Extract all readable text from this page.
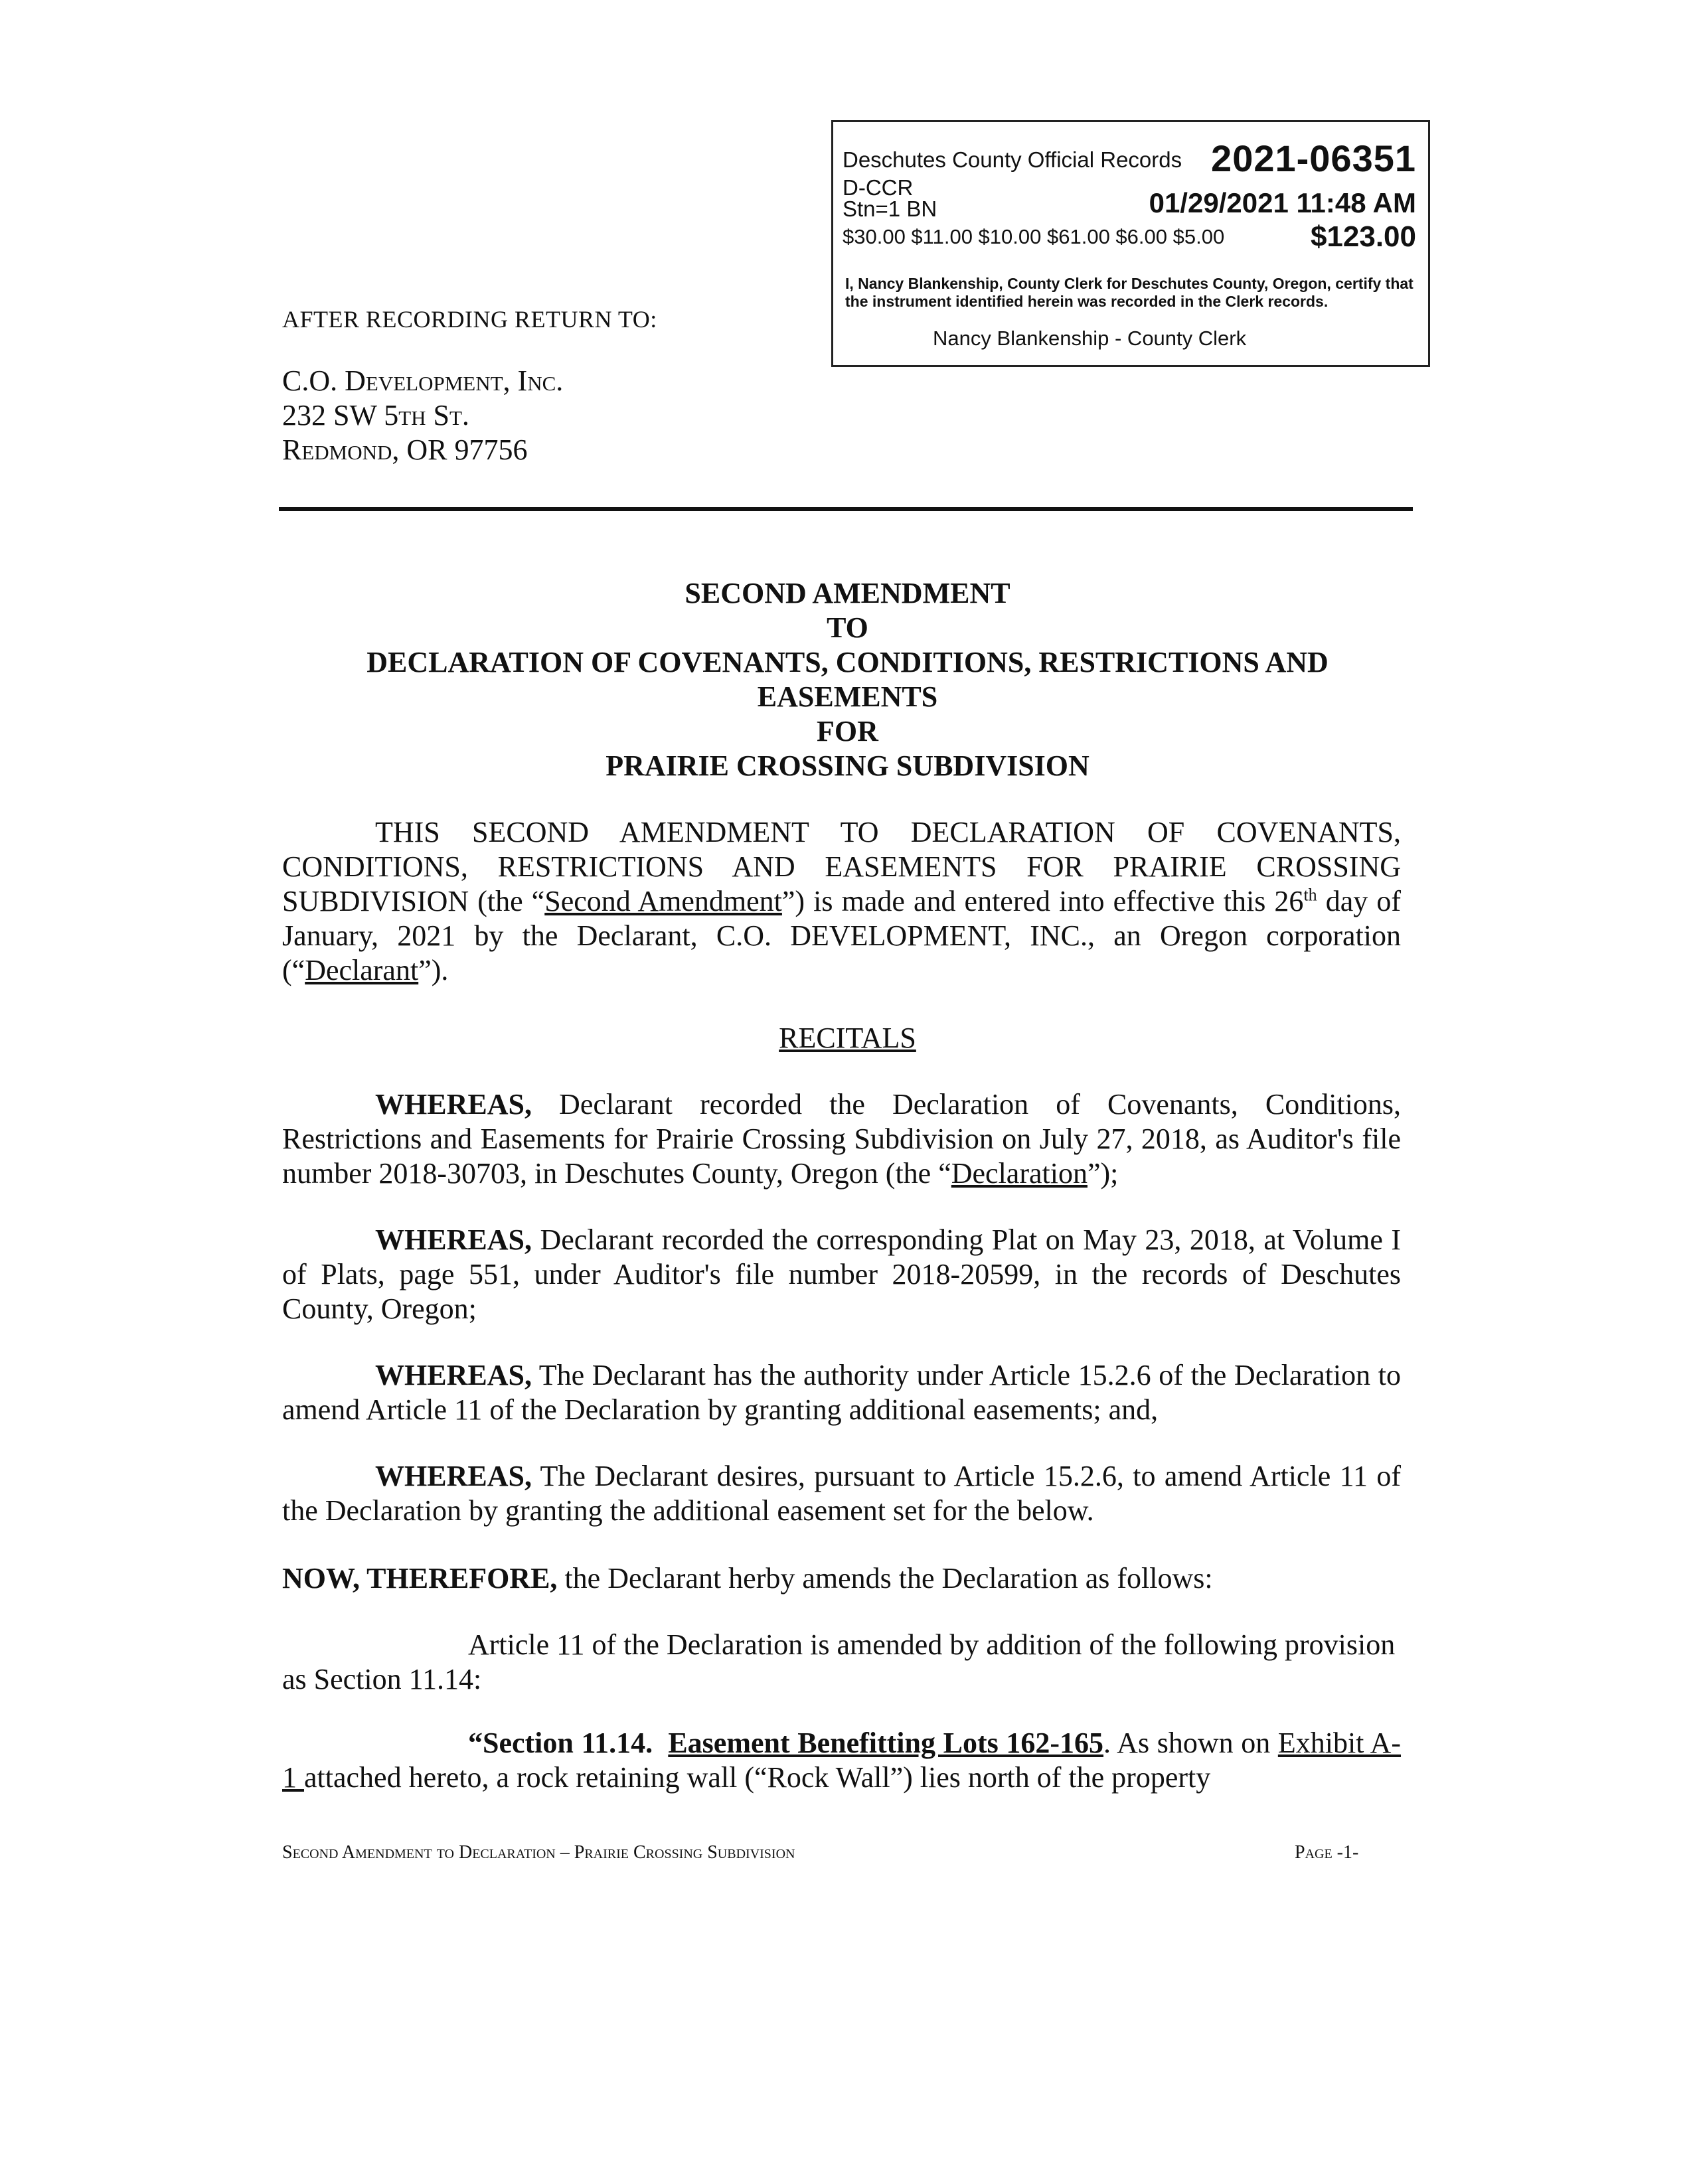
Deschutes County Official Records 2021-06351
D-CCR
Stn=1 BN	01/29/2021 11:48 AM
$30.00 $11.00 $10.00 $61.00 $6.00 $5.00	$123.00
I, Nancy Blankenship, County Clerk for Deschutes County, Oregon, certify that the instrument identified herein was recorded in the Clerk records.
Nancy Blankenship - County Clerk
AFTER RECORDING RETURN TO:
C.O. Development, Inc.
232 SW 5th St.
Redmond, OR 97756
SECOND AMENDMENT
TO
DECLARATION OF COVENANTS, CONDITIONS, RESTRICTIONS AND
EASEMENTS
FOR
PRAIRIE CROSSING SUBDIVISION
THIS SECOND AMENDMENT TO DECLARATION OF COVENANTS, CONDITIONS, RESTRICTIONS AND EASEMENTS FOR PRAIRIE CROSSING SUBDIVISION (the “Second Amendment”) is made and entered into effective this 26th day of January, 2021 by the Declarant, C.O. DEVELOPMENT, INC., an Oregon corporation (“Declarant”).
RECITALS
WHEREAS, Declarant recorded the Declaration of Covenants, Conditions, Restrictions and Easements for Prairie Crossing Subdivision on July 27, 2018, as Auditor's file number 2018-30703, in Deschutes County, Oregon (the “Declaration”);
WHEREAS, Declarant recorded the corresponding Plat on May 23, 2018, at Volume I of Plats, page 551, under Auditor's file number 2018-20599, in the records of Deschutes County, Oregon;
WHEREAS, The Declarant has the authority under Article 15.2.6 of the Declaration to amend Article 11 of the Declaration by granting additional easements; and,
WHEREAS, The Declarant desires, pursuant to Article 15.2.6, to amend Article 11 of the Declaration by granting the additional easement set for the below.
NOW, THEREFORE, the Declarant herby amends the Declaration as follows:
Article 11 of the Declaration is amended by addition of the following provision as Section 11.14:
“Section 11.14. Easement Benefitting Lots 162-165. As shown on Exhibit A-1 attached hereto, a rock retaining wall (“Rock Wall”) lies north of the property
Second Amendment to Declaration – Prairie Crossing Subdivision	Page -1-
